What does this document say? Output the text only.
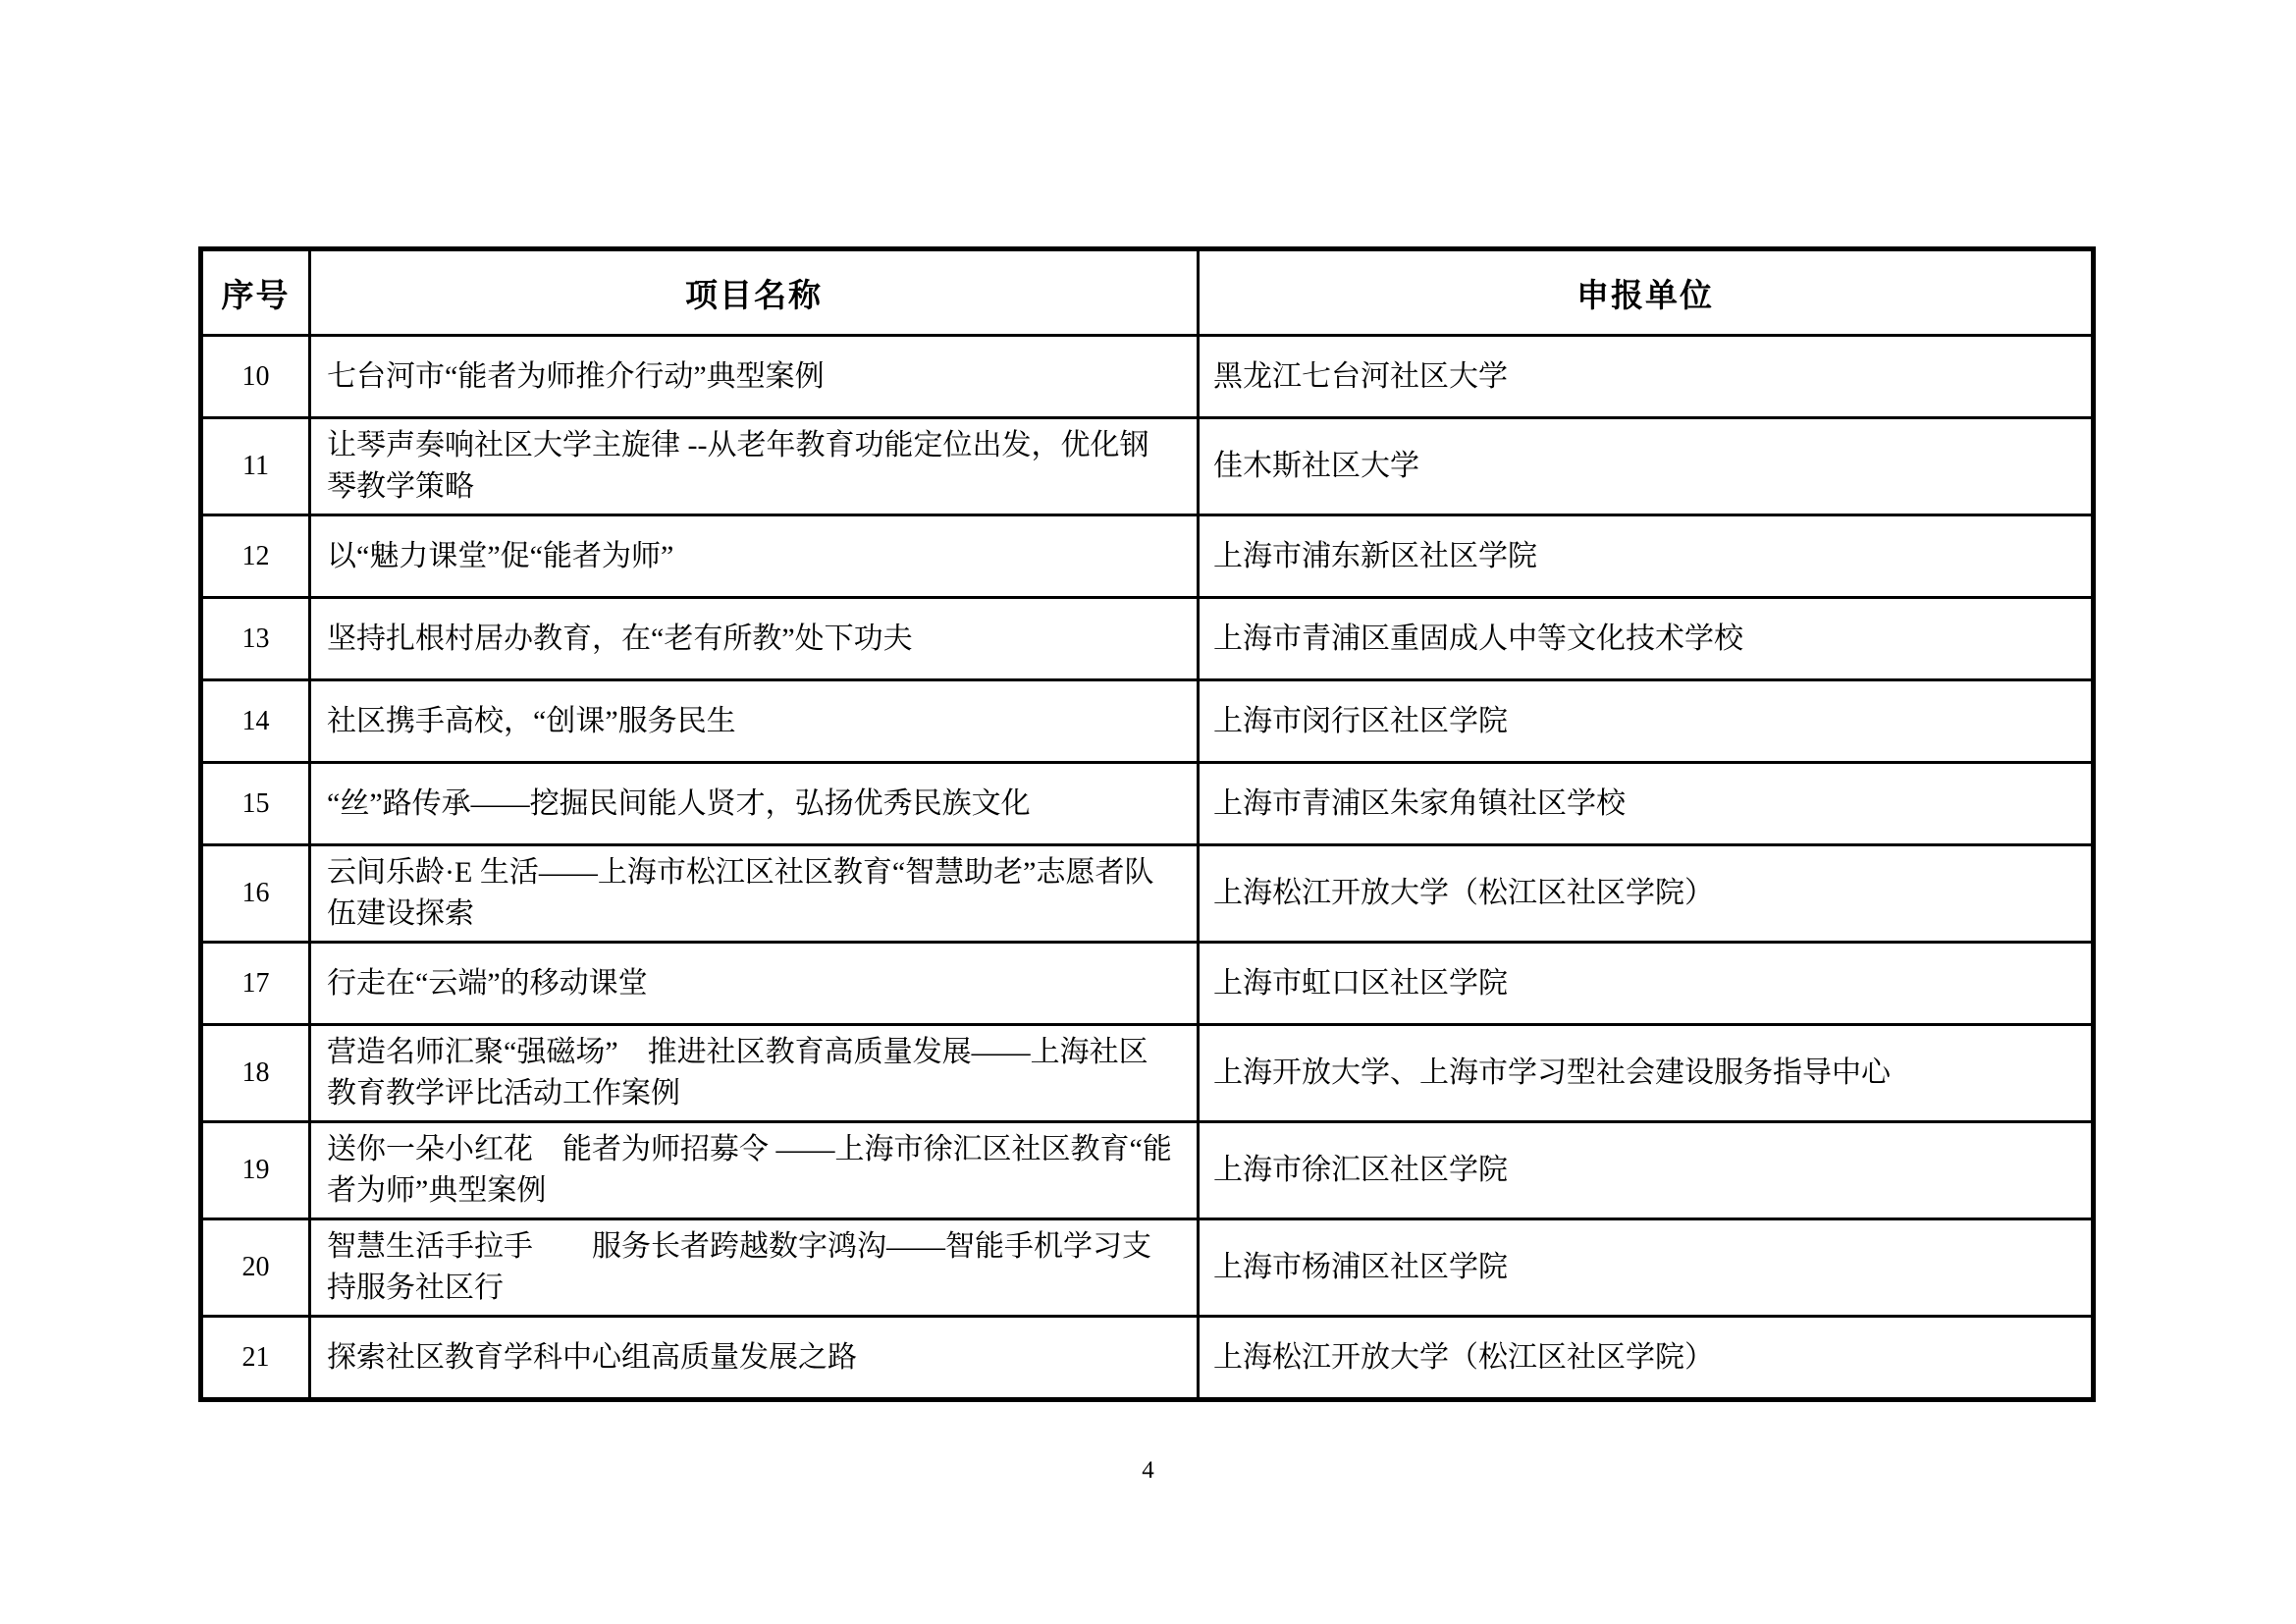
序号	项目名称	申报单位
10	七台河市“能者为师推介行动”典型案例	黑龙江七台河社区大学
11	让琴声奏响社区大学主旋律 --从老年教育功能定位出发，优化钢琴教学策略	佳木斯社区大学
12	以“魅力课堂”促“能者为师”	上海市浦东新区社区学院
13	坚持扎根村居办教育，在“老有所教”处下功夫	上海市青浦区重固成人中等文化技术学校
14	社区携手高校，“创课”服务民生	上海市闵行区社区学院
15	“丝”路传承——挖掘民间能人贤才，弘扬优秀民族文化	上海市青浦区朱家角镇社区学校
16	云间乐龄·E 生活——上海市松江区社区教育“智慧助老”志愿者队伍建设探索	上海松江开放大学（松江区社区学院）
17	行走在“云端”的移动课堂	上海市虹口区社区学院
18	营造名师汇聚“强磁场”　推进社区教育高质量发展——上海社区教育教学评比活动工作案例	上海开放大学、上海市学习型社会建设服务指导中心
19	送你一朵小红花　能者为师招募令 ——上海市徐汇区社区教育“能者为师”典型案例	上海市徐汇区社区学院
20	智慧生活手拉手　　服务长者跨越数字鸿沟——智能手机学习支持服务社区行	上海市杨浦区社区学院
21	探索社区教育学科中心组高质量发展之路	上海松江开放大学（松江区社区学院）
4
